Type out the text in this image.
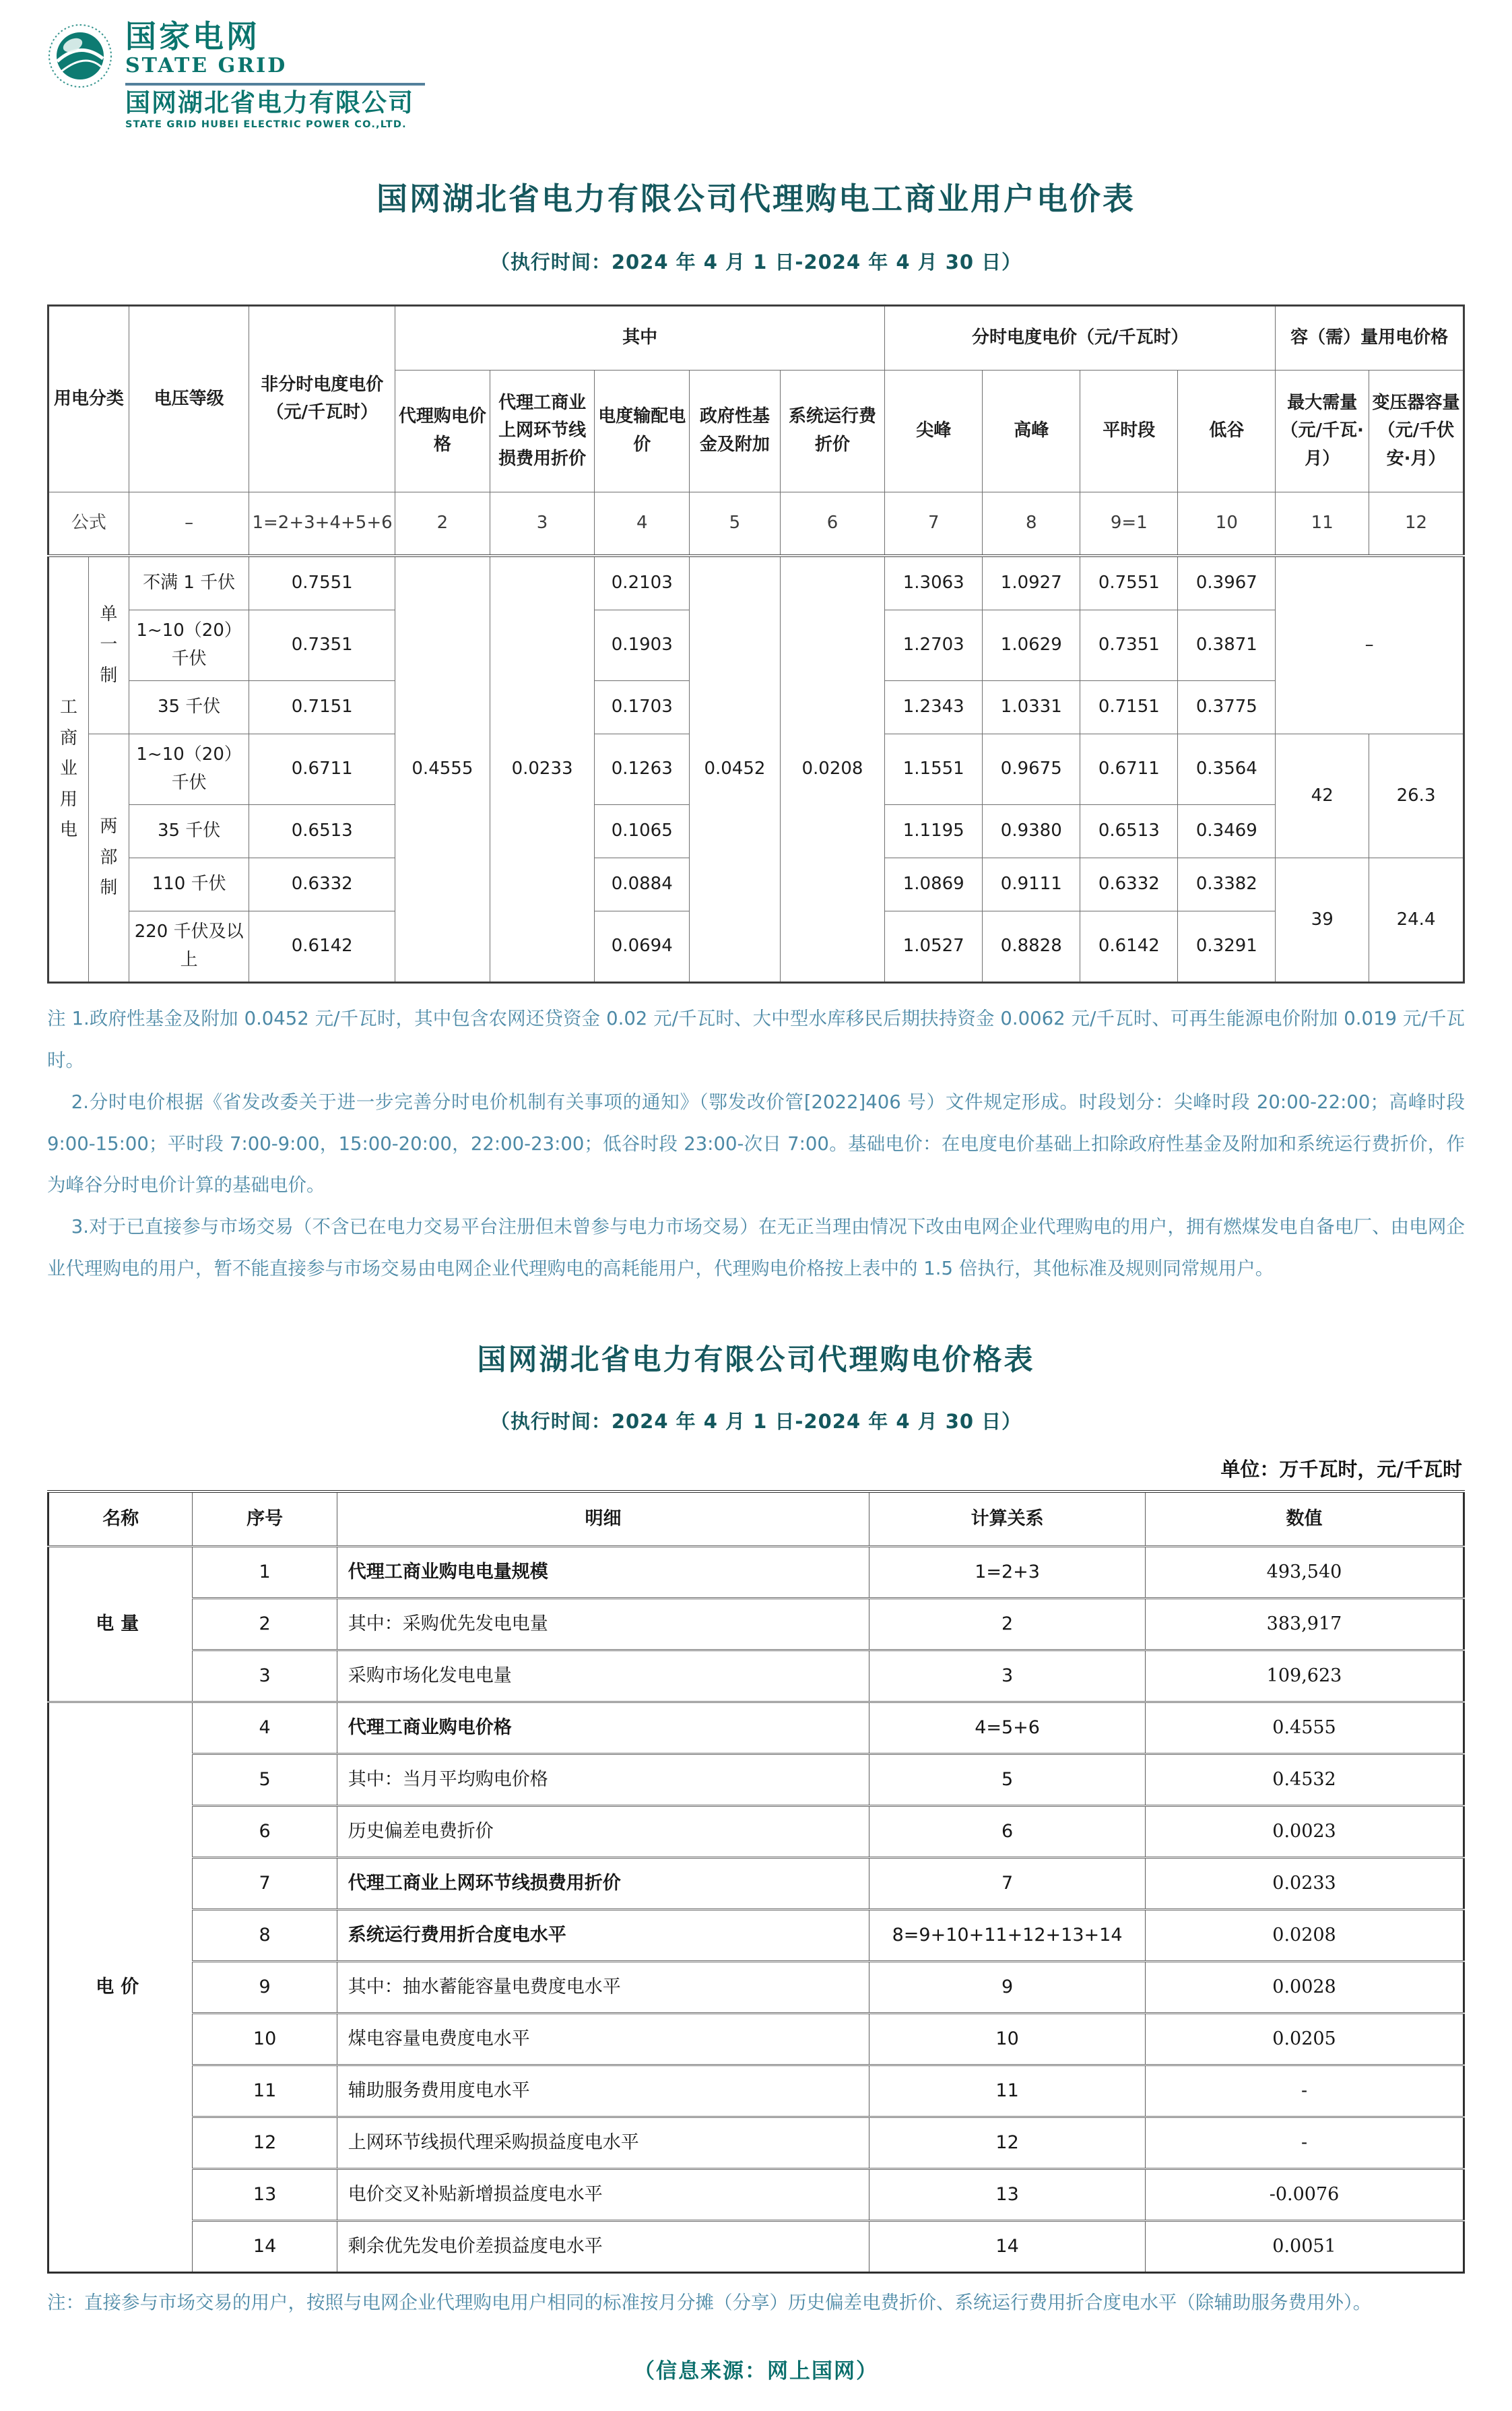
国家电网
STATE GRID
国网湖北省电力有限公司
STATE GRID HUBEI ELECTRIC POWER CO.,LTD.
国网湖北省电力有限公司代理购电工商业用户电价表
（执行时间：2024 年 4 月 1 日-2024 年 4 月 30 日）
用电分类		电压等级	非分时电度电价（元/千瓦时）	其中					分时电度电价（元/千瓦时）				容（需）量用电价格	
				代理购电价格	代理工商业上网环节线损费用折价	电度输配电价	政府性基金及附加	系统运行费折价	尖峰	高峰	平时段	低谷	最大需量（元/千瓦·月）	变压器容量（元/千伏安·月）
公式		–	1=2+3+4+5+6	2	3	4	5	6	7	8	9=1	10	11	12
工商业用电	单一制	不满 1 千伏	0.7551	0.4555	0.0233	0.2103	0.0452	0.0208	1.3063	1.0927	0.7551	0.3967	–	
		1~10（20）千伏	0.7351			0.1903			1.2703	1.0629	0.7351	0.3871		
		35 千伏	0.7151			0.1703			1.2343	1.0331	0.7151	0.3775		
	两部制	1~10（20）千伏	0.6711			0.1263			1.1551	0.9675	0.6711	0.3564	42	26.3
		35 千伏	0.6513			0.1065			1.1195	0.9380	0.6513	0.3469		
		110 千伏	0.6332			0.0884			1.0869	0.9111	0.6332	0.3382	39	24.4
		220 千伏及以上	0.6142			0.0694			1.0527	0.8828	0.6142	0.3291		

注 1.政府性基金及附加 0.0452 元/千瓦时，其中包含农网还贷资金 0.02 元/千瓦时、大中型水库移民后期扶持资金 0.0062 元/千瓦时、可再生能源电价附加 0.019 元/千瓦时。

2.分时电价根据《省发改委关于进一步完善分时电价机制有关事项的通知》（鄂发改价管[2022]406 号）文件规定形成。时段划分：尖峰时段 20:00-22:00；高峰时段 9:00-15:00；平时段 7:00-9:00，15:00-20:00，22:00-23:00；低谷时段 23:00-次日 7:00。基础电价：在电度电价基础上扣除政府性基金及附加和系统运行费折价，作为峰谷分时电价计算的基础电价。

3.对于已直接参与市场交易（不含已在电力交易平台注册但未曾参与电力市场交易）在无正当理由情况下改由电网企业代理购电的用户，拥有燃煤发电自备电厂、由电网企业代理购电的用户，暂不能直接参与市场交易由电网企业代理购电的高耗能用户，代理购电价格按上表中的 1.5 倍执行，其他标准及规则同常规用户。

国网湖北省电力有限公司代理购电价格表
（执行时间：2024 年 4 月 1 日-2024 年 4 月 30 日）
单位：万千瓦时，元/千瓦时
名称	序号	明细	计算关系	数值
电量	1	代理工商业购电电量规模	1=2+3	493,540
	2	其中：采购优先发电电量	2	383,917
	3	采购市场化发电电量	3	109,623
电价	4	代理工商业购电价格	4=5+6	0.4555
	5	其中：当月平均购电价格	5	0.4532
	6	历史偏差电费折价	6	0.0023
	7	代理工商业上网环节线损费用折价	7	0.0233
	8	系统运行费用折合度电水平	8=9+10+11+12+13+14	0.0208
	9	其中：抽水蓄能容量电费度电水平	9	0.0028
	10	煤电容量电费度电水平	10	0.0205
	11	辅助服务费用度电水平	11	-
	12	上网环节线损代理采购损益度电水平	12	-
	13	电价交叉补贴新增损益度电水平	13	-0.0076
	14	剩余优先发电价差损益度电水平	14	0.0051
注：直接参与市场交易的用户，按照与电网企业代理购电用户相同的标准按月分摊（分享）历史偏差电费折价、系统运行费用折合度电水平（除辅助服务费用外）。
（信息来源：网上国网）
